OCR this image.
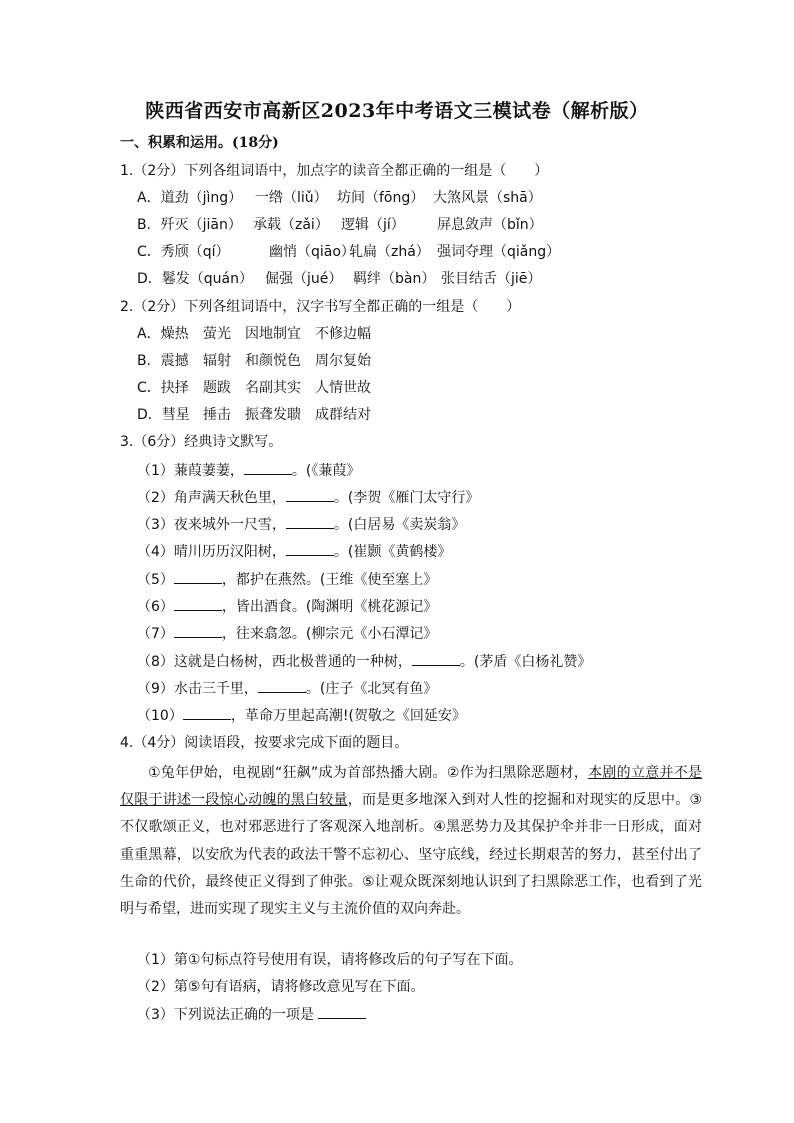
陕西省西安市高新区2023年中考语文三模试卷（解析版）
一、积累和运用。(18分)
1.（2分）下列各组词语中，加点字的读音全都正确的一组是（　　）
A．道劲（jìng） 一绺（liǔ） 坊间（fōng） 大煞风景（shā）
B．歼灭（jiān） 承载（zǎi） 逻辑（jí） 屏息敛声（bǐn）
C．秀颀（qí）	幽悄（qiāo）轧扁（zhá） 强词夺理（qiǎng）
D．鬈发（quán） 倔强（jué） 羁绊（bàn） 张目结舌（jiē）
2.（2分）下列各组词语中，汉字书写全都正确的一组是（　　）
A．燥热 萤光 因地制宜 不修边幅
B．震撼 辐射 和颜悦色 周尔复始
C．抉择 题跋 名副其实 人情世故
D．彗星 捶击 振聋发聩 成群结对
3.（6分）经典诗文默写。
（1）蒹葭萋萋，	。(《蒹葭》
（2）角声满天秋色里，	。(李贺《雁门太守行》
（3）夜来城外一尺雪，	。(白居易《卖炭翁》
（4）晴川历历汉阳树，	。(崔颢《黄鹤楼》
（5）	，都护在燕然。(王维《使至塞上》
（6）	，皆出酒食。(陶渊明《桃花源记》
（7）	，往来翕忽。(柳宗元《小石潭记》
（8）这就是白杨树，西北极普通的一种树，	。(茅盾《白杨礼赞》
（9）水击三千里，	。(庄子《北冥有鱼》
（10）	，革命万里起高潮!(贺敬之《回延安》
4.（4分）阅读语段，按要求完成下面的题目。
①兔年伊始，电视剧“狂飙”成为首部热播大剧。②作为扫黑除恶题材，本剧的立意并不是仅限于讲述一段惊心动魄的黑白较量，而是更多地深入到对人性的挖掘和对现实的反思中。③不仅歌颂正义，也对邪恶进行了客观深入地剖析。④黑恶势力及其保护伞并非一日形成，面对重重黑幕，以安欣为代表的政法干警不忘初心、坚守底线，经过长期艰苦的努力，甚至付出了生命的代价，最终使正义得到了伸张。⑤让观众既深刻地认识到了扫黑除恶工作，也看到了光明与希望，进而实现了现实主义与主流价值的双向奔赴。
（1）第①句标点符号使用有误，请将修改后的句子写在下面。
（2）第⑤句有语病，请将修改意见写在下面。
（3）下列说法正确的一项是
